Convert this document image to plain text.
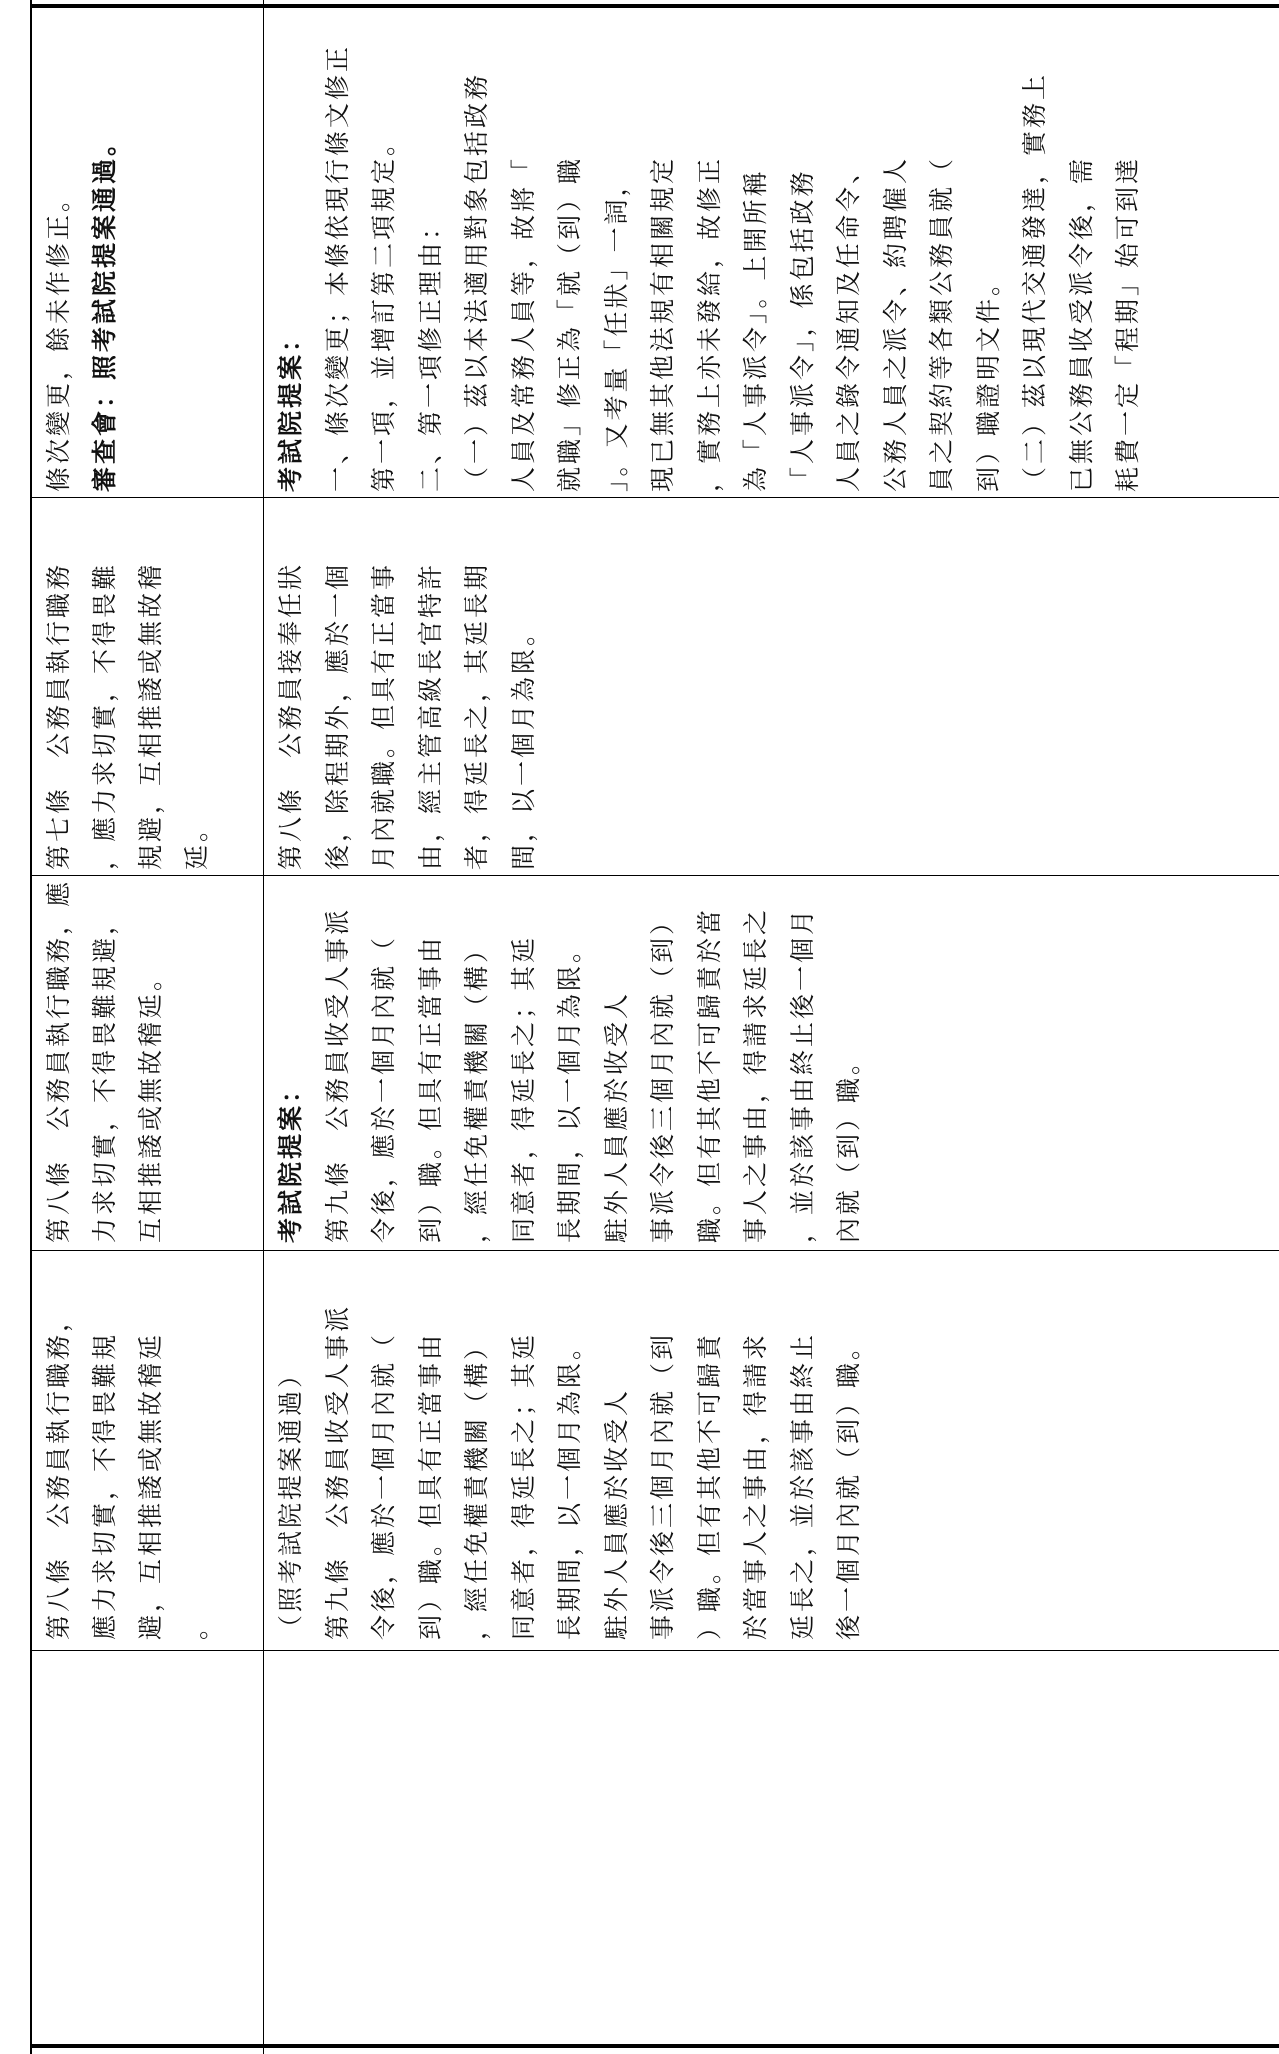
第八條　公務員執行職務， 應力求切實，不得畏難規 避，互相推諉或無故稽延 。
第八條　公務員執行職務，應 力求切實，不得畏難規避， 互相推諉或無故稽延。
第七條　公務員執行職務 ，應力求切實，不得畏難 規避，互相推諉或無故稽 延。
條次變更，餘未作修正。 審查會：照考試院提案通過。
（照考試院提案通過） 第九條　公務員收受人事派 令後，應於一個月內就（ 到）職。但具有正當事由 ，經任免權責機關（構） 同意者，得延長之；其延 長期間，以一個月為限。 駐外人員應於收受人 事派令後三個月內就（到 ）職。但有其他不可歸責 於當事人之事由，得請求 延長之，並於該事由終止 後一個月內就（到）職。
考試院提案： 第九條　公務員收受人事派 令後，應於一個月內就（ 到）職。但具有正當事由 ，經任免權責機關（構） 同意者，得延長之；其延 長期間，以一個月為限。 駐外人員應於收受人 事派令後三個月內就（到） 職。但有其他不可歸責於當 事人之事由，得請求延長之 ，並於該事由終止後一個月 內就（到）職。
第八條　公務員接奉任狀 後，除程期外，應於一個 月內就職。但具有正當事 由，經主管高級長官特許 者，得延長之，其延長期 間，以一個月為限。
考試院提案： 一、條次變更；本條依現行條文修正 第一項，並增訂第二項規定。 二、第一項修正理由： （一）茲以本法適用對象包括政務 人員及常務人員等，故將「 就職」修正為「就（到）職 」。又考量「任狀」一詞， 現已無其他法規有相關規定 ，實務上亦未發給，故修正 為「人事派令」。上開所稱 「人事派令」，係包括政務 人員之錄令通知及任命令、 公務人員之派令、約聘僱人 員之契約等各類公務員就（ 到）職證明文件。 （二）茲以現代交通發達，實務上 已無公務員收受派令後，需 耗費一定「程期」始可到達
